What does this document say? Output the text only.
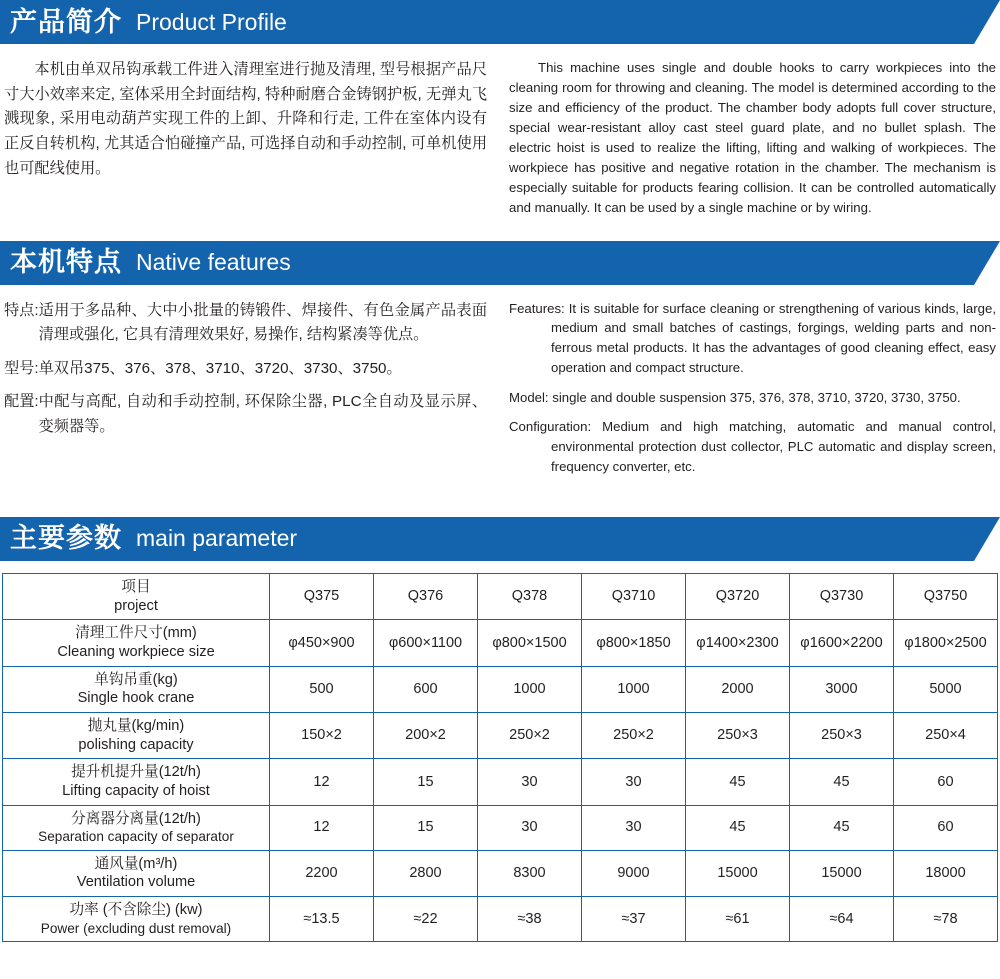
产品简介 Product Profile

本机由单双吊钩承载工件进入清理室进行抛及清理, 型号根据产品尺寸大小效率来定, 室体采用全封面结构, 特种耐磨合金铸钢护板, 无弹丸飞溅现象, 采用电动葫芦实现工件的上卸、升降和行走, 工件在室体内设有正反自转机构, 尤其适合怕碰撞产品, 可选择自动和手动控制, 可单机使用也可配线使用。

This machine uses single and double hooks to carry workpieces into the cleaning room for throwing and cleaning. The model is determined according to the size and efficiency of the product. The chamber body adopts full cover structure, special wear-resistant alloy cast steel guard plate, and no bullet splash. The electric hoist is used to realize the lifting, lifting and walking of workpieces. The workpiece has positive and negative rotation in the chamber. The mechanism is especially suitable for products fearing collision. It can be controlled automatically and manually. It can be used by a single machine or by wiring.

本机特点 Native features
特点: 适用于多品种、大中小批量的铸锻件、焊接件、有色金属产品表面清理或强化, 它具有清理效果好, 易操作, 结构紧凑等优点。
型号: 单双吊375、376、378、3710、3720、3730、3750。
配置: 中配与高配, 自动和手动控制, 环保除尘器, PLC全自动及显示屏、变频器等。
Features: It is suitable for surface cleaning or strengthening of various kinds, large, medium and small batches of castings, forgings, welding parts and non-ferrous metal products. It has the advantages of good cleaning effect, easy operation and compact structure.
Model: single and double suspension 375, 376, 378, 3710, 3720, 3730, 3750.
Configuration: Medium and high matching, automatic and manual control, environmental protection dust collector, PLC automatic and display screen, frequency converter, etc.
主要参数 main parameter
项目
project	Q375	Q376	Q378	Q3710	Q3720	Q3730	Q3750

清理工件尺寸(mm)
Cleaning workpiece size	φ450×900	φ600×1100	φ800×1500	φ800×1850	φ1400×2300	φ1600×2200	φ1800×2500

单钩吊重(kg)
Single hook crane	500	600	1000	1000	2000	3000	5000

抛丸量(kg/min)
polishing capacity	150×2	200×2	250×2	250×2	250×3	250×3	250×4

提升机提升量(12t/h)
Lifting capacity of hoist	12	15	30	30	45	45	60

分离器分离量(12t/h)
Separation capacity of separator	12	15	30	30	45	45	60

通风量(m³/h)
Ventilation volume	2200	2800	8300	9000	15000	15000	18000

功率 (不含除尘) (kw)
Power (excluding dust removal)	≈13.5	≈22	≈38	≈37	≈61	≈64	≈78
